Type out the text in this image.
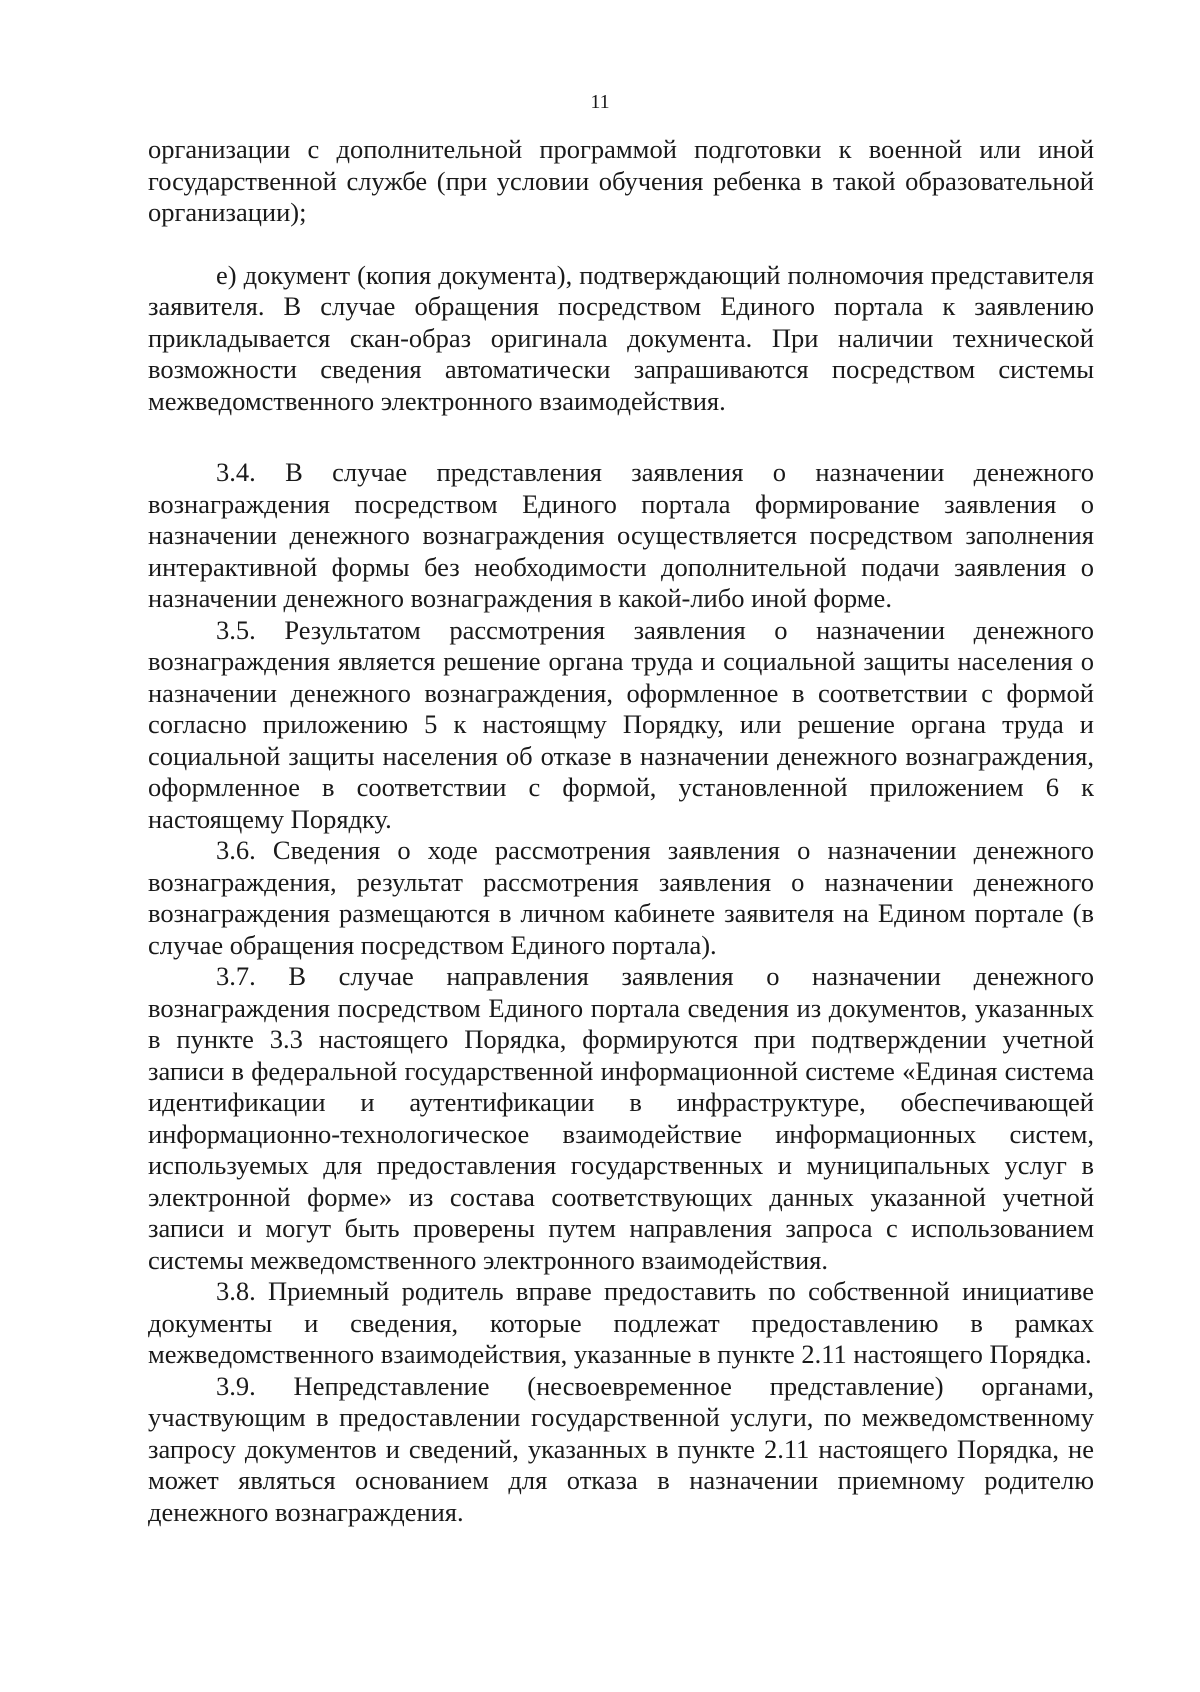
11

организации с дополнительной программой подготовки к военной или иной государственной службе (при условии обучения ребенка в такой образовательной организации);

е) документ (копия документа), подтверждающий полномочия представителя заявителя. В случае обращения посредством Единого портала к заявлению прикладывается скан-образ оригинала документа. При наличии технической возможности сведения автоматически запрашиваются посредством системы межведомственного электронного взаимодействия.

3.4. В случае представления заявления о назначении денежного вознаграждения посредством Единого портала формирование заявления о назначении денежного вознаграждения осуществляется посредством заполнения интерактивной формы без необходимости дополнительной подачи заявления о назначении денежного вознаграждения в какой-либо иной форме.

3.5. Результатом рассмотрения заявления о назначении денежного вознаграждения является решение органа труда и социальной защиты населения о назначении денежного вознаграждения, оформленное в соответствии с формой согласно приложению 5 к настоящму Порядку, или решение органа труда и социальной защиты населения об отказе в назначении денежного вознаграждения, оформленное в соответствии с формой, установленной приложением 6 к настоящему Порядку.

3.6. Сведения о ходе рассмотрения заявления о назначении денежного вознаграждения, результат рассмотрения заявления о назначении денежного вознаграждения размещаются в личном кабинете заявителя на Едином портале (в случае обращения посредством Единого портала).

3.7. В случае направления заявления о назначении денежного вознаграждения посредством Единого портала сведения из документов, указанных в пункте 3.3 настоящего Порядка, формируются при подтверждении учетной записи в федеральной государственной информационной системе «Единая система идентификации и аутентификации в инфраструктуре, обеспечивающей информационно-технологическое взаимодействие информационных систем, используемых для предоставления государственных и муниципальных услуг в электронной форме» из состава соответствующих данных указанной учетной записи и могут быть проверены путем направления запроса с использованием системы межведомственного электронного взаимодействия.

3.8. Приемный родитель вправе предоставить по собственной инициативе документы и сведения, которые подлежат предоставлению в рамках межведомственного взаимодействия, указанные в пункте 2.11 настоящего Порядка.

3.9. Непредставление (несвоевременное представление) органами, участвующим в предоставлении государственной услуги, по межведомственному запросу документов и сведений, указанных в пункте 2.11 настоящего Порядка, не может являться основанием для отказа в назначении приемному родителю денежного вознаграждения.
